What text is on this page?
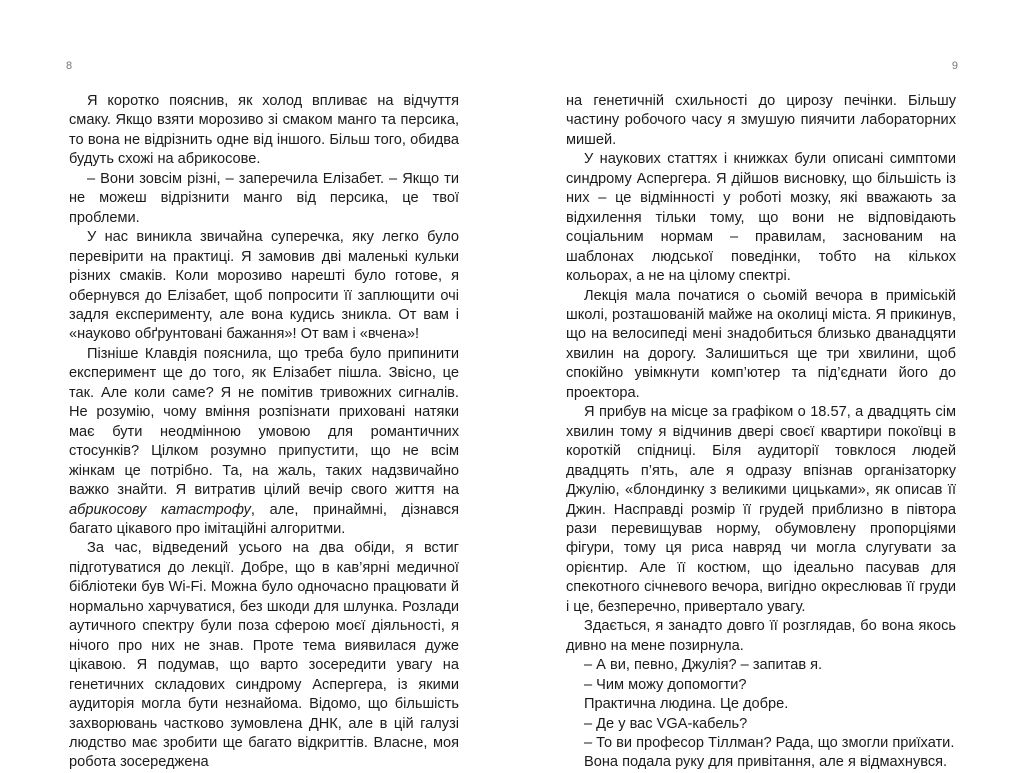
8	9

Я коротко пояснив, як холод впливає на відчуття смаку. Якщо взяти морозиво зі смаком манго та персика, то вона не відрізнить одне від іншого. Більш того, обидва будуть схожі на абрикосове.

– Вони зовсім різні, – заперечила Елізабет. – Якщо ти не можеш відрізнити манго від персика, це твої проблеми.

У нас виникла звичайна суперечка, яку легко було перевірити на практиці. Я замовив дві маленькі кульки різних смаків. Коли морозиво нарешті було готове, я обернувся до Елізабет, щоб попросити її заплющити очі задля експерименту, але вона кудись зникла. От вам і «науково обґрунтовані бажання»! От вам і «вчена»!

Пізніше Клавдія пояснила, що треба було припинити експеримент ще до того, як Елізабет пішла. Звісно, це так. Але коли саме? Я не помітив тривожних сигналів. Не розумію, чому вміння розпізнати приховані натяки має бути неодмінною умовою для романтичних стосунків? Цілком розумно припустити, що не всім жінкам це потрібно. Та, на жаль, таких надзвичайно важко знайти. Я витратив цілий вечір свого життя на абрикосову катастрофу, але, принаймні, дізнався багато цікавого про імітаційні алгоритми.

За час, відведений усього на два обіди, я встиг підготуватися до лекції. Добре, що в кав’ярні медичної бібліотеки був Wi-Fi. Можна було одночасно працювати й нормально харчуватися, без шкоди для шлунка. Розлади аутичного спектру були поза сферою моєї діяльності, я нічого про них не знав. Проте тема виявилася дуже цікавою. Я подумав, що варто зосередити увагу на генетичних складових синдрому Аспергера, із якими аудиторія могла бути незнайома. Відомо, що більшість захворювань частково зумовлена ДНК, але в цій галузі людство має зробити ще багато відкриттів. Власне, моя робота зосереджена

на генетичній схильності до цирозу печінки. Більшу частину робочого часу я змушую пиячити лабораторних мишей.

У наукових статтях і книжках були описані симптоми синдрому Аспергера. Я дійшов висновку, що більшість із них – це відмінності у роботі мозку, які вважають за відхилення тільки тому, що вони не відповідають соціальним нормам – правилам, заснованим на шаблонах людської поведінки, тобто на кількох кольорах, а не на цілому спектрі.

Лекція мала початися о сьомій вечора в приміській школі, розташованій майже на околиці міста. Я прикинув, що на велосипеді мені знадобиться близько дванадцяти хвилин на дорогу. Залишиться ще три хвилини, щоб спокійно увімкнути комп’ютер та під’єднати його до проектора.

Я прибув на місце за графіком о 18.57, а двадцять сім хвилин тому я відчинив двері своєї квартири покоївці в короткій спідниці. Біля аудиторії товклося людей двадцять п’ять, але я одразу впізнав організаторку Джулію, «блондинку з великими цицьками», як описав її Джин. Насправді розмір її грудей приблизно в півтора рази перевищував норму, обумовлену пропорціями фігури, тому ця риса навряд чи могла слугувати за орієнтир. Але її костюм, що ідеально пасував для спекотного січневого вечора, вигідно окреслював її груди і це, безперечно, привертало увагу.

Здається, я занадто довго її розглядав, бо вона якось дивно на мене позирнула.

– А ви, певно, Джулія? – запитав я.

– Чим можу допомогти?

Практична людина. Це добре.

– Де у вас VGA-кабель?

– То ви професор Тіллман? Рада, що змогли приїхати.

Вона подала руку для привітання, але я відмахнувся.
